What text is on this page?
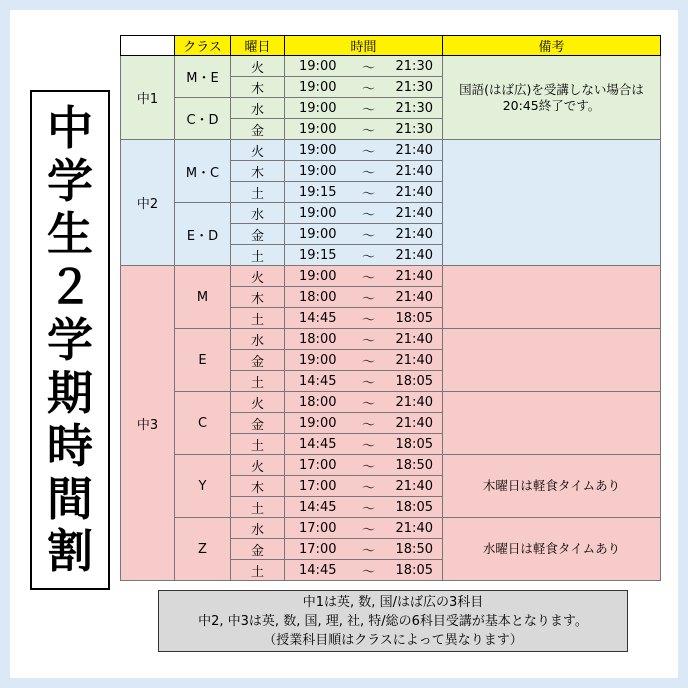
中
学
生
２
学
期
時
間
割
	クラス	曜日	時間			備考
中1	M・E	火	19:00	～	21:30	国語(はば広)を受講しない場合は
20:45終了です。
		木	19:00	～	21:30	
	C・D	水	19:00	～	21:30	
		金	19:00	～	21:30	
中2	M・C	火	19:00	～	21:40	
		木	19:00	～	21:40	
		土	19:15	～	21:40	
	E・D	水	19:00	～	21:40	
		金	19:00	～	21:40	
		土	19:15	～	21:40	
中3	M	火	19:00	～	21:40	
		木	18:00	～	21:40	
		土	14:45	～	18:05	
	E	水	18:00	～	21:40	
		金	19:00	～	21:40	
		土	14:45	～	18:05	
	C	火	18:00	～	21:40	
		金	19:00	～	21:40	
		土	14:45	～	18:05	
	Y	火	17:00	～	18:50	木曜日は軽食タイムあり
		木	17:00	～	21:40	
		土	14:45	～	18:05	
	Z	水	17:00	～	21:40	水曜日は軽食タイムあり
		金	17:00	～	18:50	
		土	14:45	～	18:05	
中1は英, 数, 国/はば広の3科目
中2, 中3は英, 数, 国, 理, 社, 特/総の6科目受講が基本となります。
（授業科目順はクラスによって異なります）
